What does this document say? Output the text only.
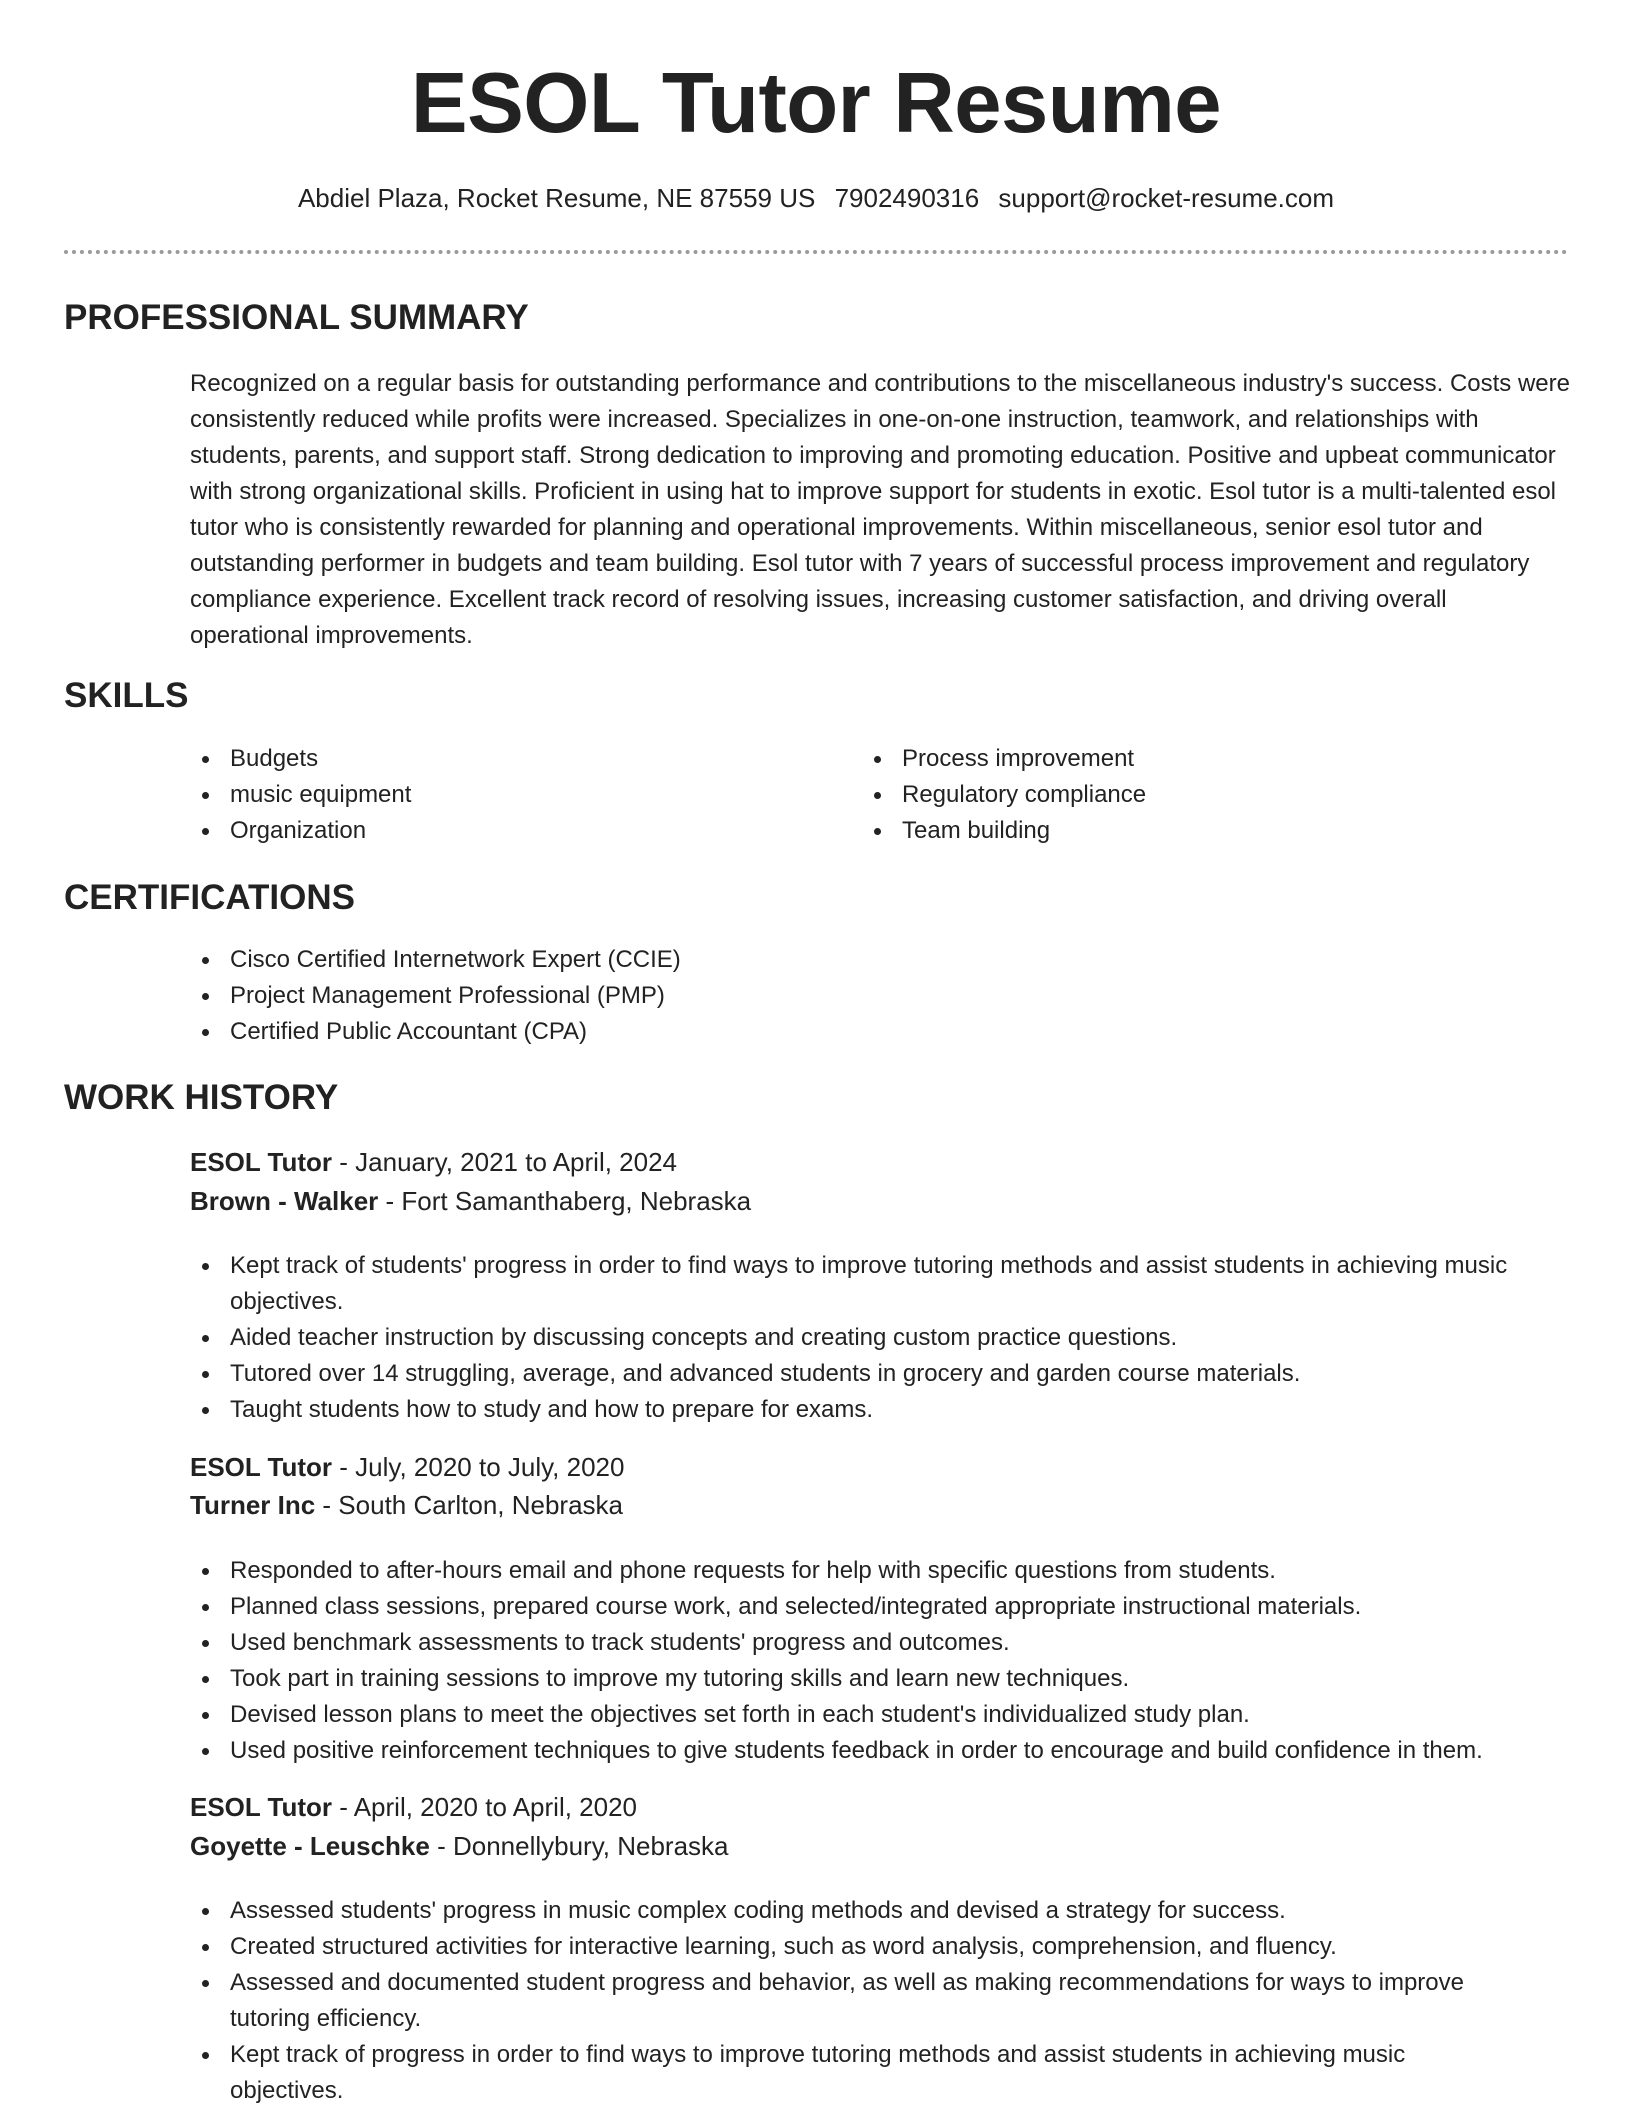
ESOL Tutor Resume
Abdiel Plaza, Rocket Resume, NE 87559 US 7902490316 support@rocket-resume.com
PROFESSIONAL SUMMARY

Recognized on a regular basis for outstanding performance and contributions to the miscellaneous industry's success. Costs were consistently reduced while profits were increased. Specializes in one-on-one instruction, teamwork, and relationships with students, parents, and support staff. Strong dedication to improving and promoting education. Positive and upbeat communicator with strong organizational skills. Proficient in using hat to improve support for students in exotic. Esol tutor is a multi-talented esol tutor who is consistently rewarded for planning and operational improvements. Within miscellaneous, senior esol tutor and outstanding performer in budgets and team building. Esol tutor with 7 years of successful process improvement and regulatory compliance experience. Excellent track record of resolving issues, increasing customer satisfaction, and driving overall operational improvements.

SKILLS
Budgets
music equipment
Organization
Process improvement
Regulatory compliance
Team building
CERTIFICATIONS
Cisco Certified Internetwork Expert (CCIE)
Project Management Professional (PMP)
Certified Public Accountant (CPA)
WORK HISTORY
ESOL Tutor - January, 2021 to April, 2024
Brown - Walker - Fort Samanthaberg, Nebraska
Kept track of students' progress in order to find ways to improve tutoring methods and assist students in achieving music objectives.
Aided teacher instruction by discussing concepts and creating custom practice questions.
Tutored over 14 struggling, average, and advanced students in grocery and garden course materials.
Taught students how to study and how to prepare for exams.
ESOL Tutor - July, 2020 to July, 2020
Turner Inc - South Carlton, Nebraska
Responded to after-hours email and phone requests for help with specific questions from students.
Planned class sessions, prepared course work, and selected/integrated appropriate instructional materials.
Used benchmark assessments to track students' progress and outcomes.
Took part in training sessions to improve my tutoring skills and learn new techniques.
Devised lesson plans to meet the objectives set forth in each student's individualized study plan.
Used positive reinforcement techniques to give students feedback in order to encourage and build confidence in them.
ESOL Tutor - April, 2020 to April, 2020
Goyette - Leuschke - Donnellybury, Nebraska
Assessed students' progress in music complex coding methods and devised a strategy for success.
Created structured activities for interactive learning, such as word analysis, comprehension, and fluency.
Assessed and documented student progress and behavior, as well as making recommendations for ways to improve tutoring efficiency.
Kept track of progress in order to find ways to improve tutoring methods and assist students in achieving music objectives.
